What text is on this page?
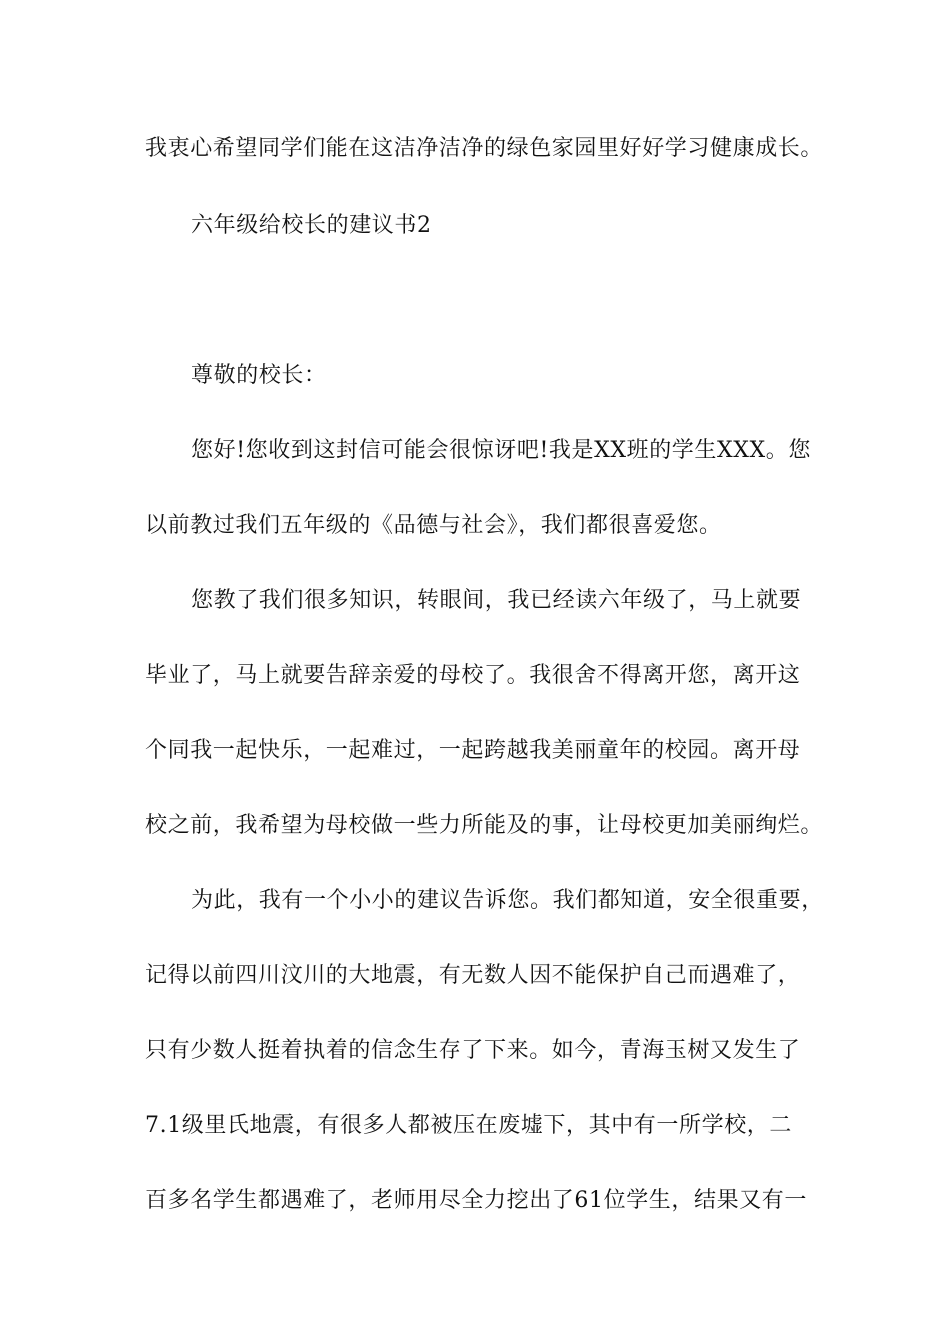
我衷心希望同学们能在这洁净洁净的绿色家园里好好学习健康成长。
六年级给校长的建议书2
尊敬的校长：
您好!您收到这封信可能会很惊讶吧!我是XX班的学生XXX。您
以前教过我们五年级的《品德与社会》，我们都很喜爱您。
您教了我们很多知识，转眼间，我已经读六年级了，马上就要
毕业了，马上就要告辞亲爱的母校了。我很舍不得离开您，离开这
个同我一起快乐，一起难过，一起跨越我美丽童年的校园。离开母
校之前，我希望为母校做一些力所能及的事，让母校更加美丽绚烂。
为此，我有一个小小的建议告诉您。我们都知道，安全很重要，
记得以前四川汶川的大地震，有无数人因不能保护自己而遇难了，
只有少数人挺着执着的信念生存了下来。如今，青海玉树又发生了
7.1级里氏地震，有很多人都被压在废墟下，其中有一所学校，二
百多名学生都遇难了，老师用尽全力挖出了61位学生，结果又有一
